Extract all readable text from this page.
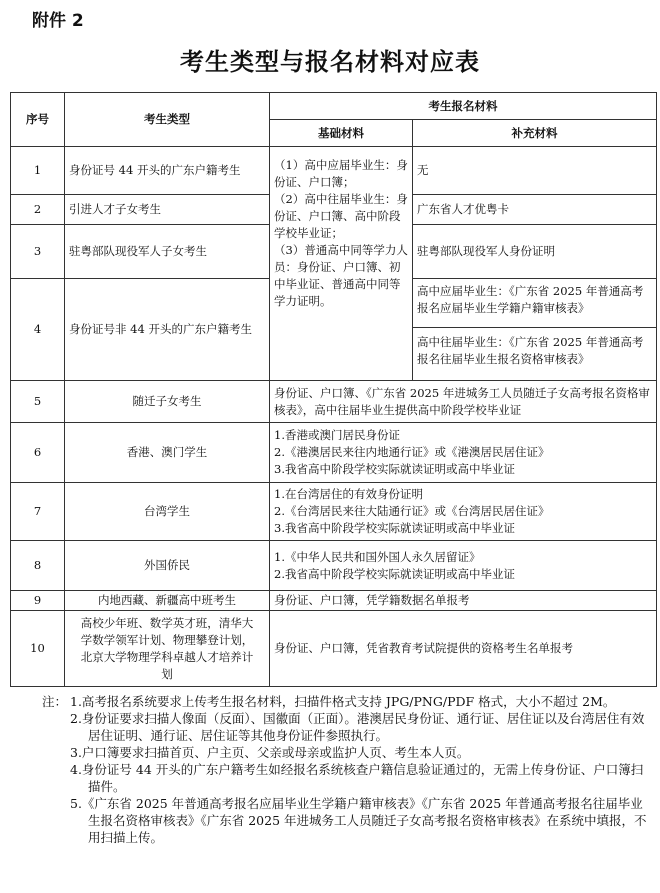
附件 2
考生类型与报名材料对应表
序号	考生类型	考生报名材料	
		基础材料	补充材料
1	身份证号 44 开头的广东户籍考生	（1）高中应届毕业生：身份证、户口簿；
（2）高中往届毕业生：身份证、户口簿、高中阶段学校毕业证；
（3）普通高中同等学力人员：身份证、户口簿、初中毕业证、普通高中同等学力证明。	无
2	引进人才子女考生		广东省人才优粤卡
3	驻粤部队现役军人子女考生		驻粤部队现役军人身份证明
4	身份证号非 44 开头的广东户籍考生		高中应届毕业生：《广东省 2025 年普通高考报名应届毕业生学籍户籍审核表》
高中往届毕业生：《广东省 2025 年普通高考报名往届毕业生报名资格审核表》

5	随迁子女考生	身份证、户口簿、《广东省 2025 年进城务工人员随迁子女高考报名资格审核表》，高中往届毕业生提供高中阶段学校毕业证	
6	香港、澳门学生	1.香港或澳门居民身份证
2.《港澳居民来往内地通行证》或《港澳居民居住证》
3.我省高中阶段学校实际就读证明或高中毕业证	

7	台湾学生	1.在台湾居住的有效身份证明
2.《台湾居民来往大陆通行证》或《台湾居民居住证》
3.我省高中阶段学校实际就读证明或高中毕业证	

8	外国侨民	1.《中华人民共和国外国人永久居留证》
2.我省高中阶段学校实际就读证明或高中毕业证	

9	内地西藏、新疆高中班考生	身份证、户口簿，凭学籍数据名单报考	
10	高校少年班、数学英才班，清华大学数学领军计划、物理攀登计划，北京大学物理学科卓越人才培养计划	身份证、户口簿，凭省教育考试院提供的资格考生名单报考	
注： 1.高考报名系统要求上传考生报名材料，扫描件格式支持 JPG/PNG/PDF 格式，大小不超过 2M。
2.身份证要求扫描人像面（反面）、国徽面（正面）。港澳居民身份证、通行证、居住证以及台湾居住有效居住证明、通行证、居住证等其他身份证件参照执行。
3.户口簿要求扫描首页、户主页、父亲或母亲或监护人页、考生本人页。
4.身份证号 44 开头的广东户籍考生如经报名系统核查户籍信息验证通过的，无需上传身份证、户口簿扫描件。
5.《广东省 2025 年普通高考报名应届毕业生学籍户籍审核表》《广东省 2025 年普通高考报名往届毕业生报名资格审核表》《广东省 2025 年进城务工人员随迁子女高考报名资格审核表》在系统中填报，不用扫描上传。
